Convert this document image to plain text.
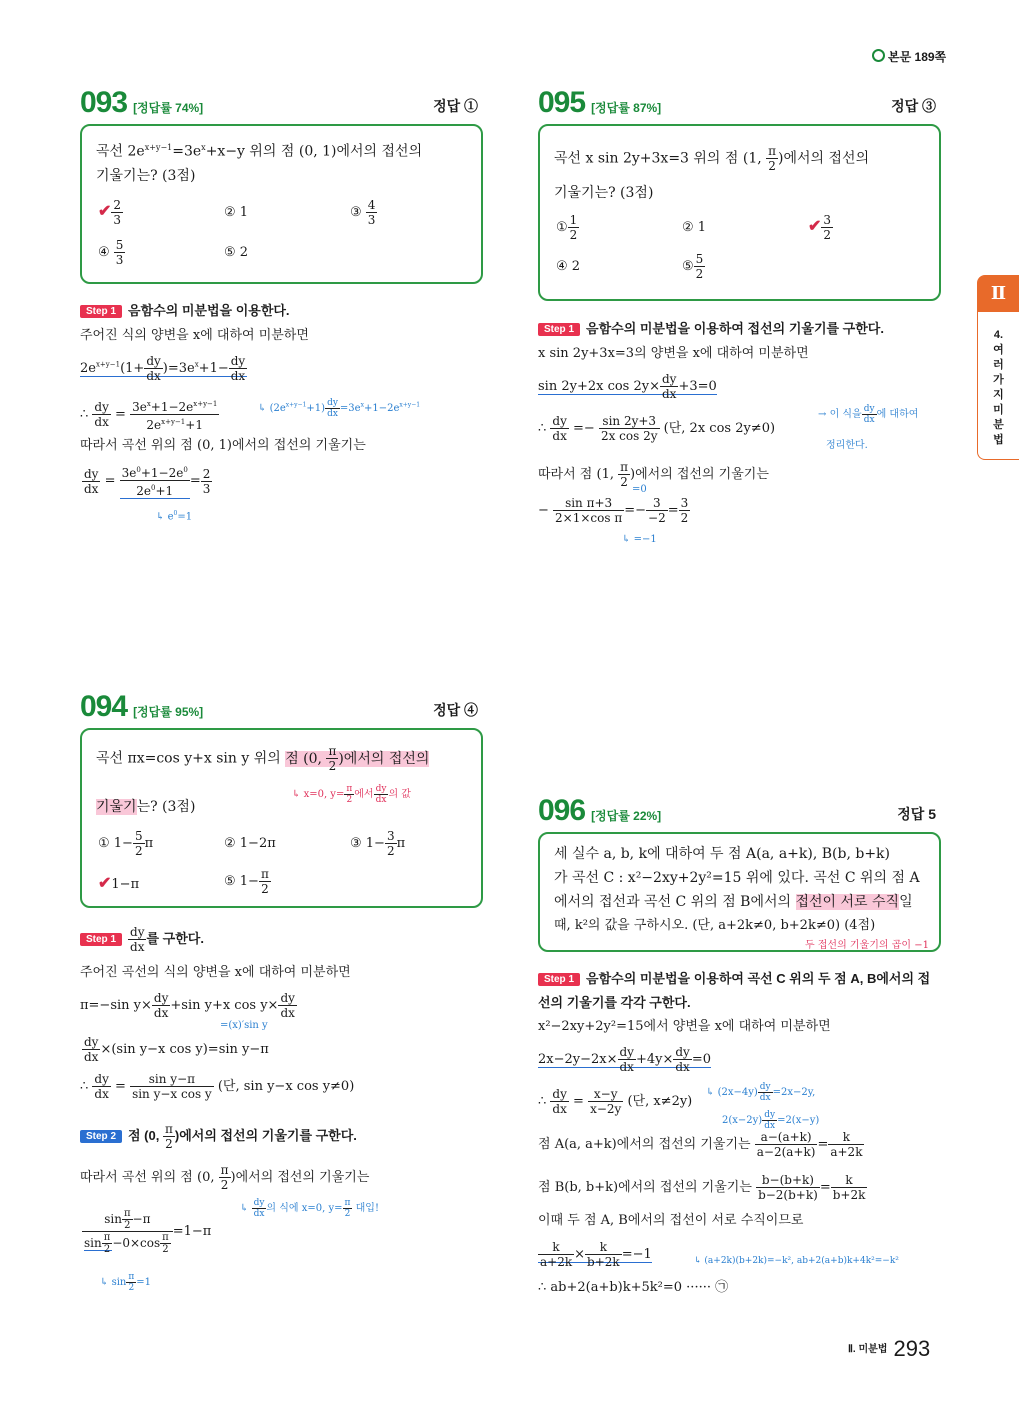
본문 189쪽
Ⅱ
4.
여
러
가
지
미
분
법
093 [정답률 74%]	정답 ①
곡선 $2e^{x+y-1}=3e^x+x-y$ 위의 점 (0, 1)에서의 접선의
기울기는? (3점)
✔ $\frac{2}{3}$	② 1	③ $\frac{4}{3}$
④ $\frac{5}{3}$	⑤ 2
Step 1 음함수의 미분법을 이용한다.
주어진 식의 양변을 x에 대하여 미분하면
$2e^{x+y-1}(1+ \frac{dy}{dx} )=3e^x+1- \frac{dy}{dx}$
↳ $(2e^{x+y-1}+1) \frac{dy}{dx} =3e^x+1-2e^{x+y-1}$
∴ $\frac{dy}{dx} = \frac{3e^x+1-2e^{x+y-1}}{2e^{x+y-1}+1}$
따라서 곡선 위의 점 (0, 1)에서의 접선의 기울기는
$\frac{dy}{dx} = \frac{3e^0+1-2e^0}{2e^0+1} = \frac{2}{3}$
↳ $e^0=1$
094 [정답률 95%]	정답 ④
곡선 πx=cos y+x sin y 위의 점 (0, $\frac{\pi}{2}$ )에서의 접선의
↳ x=0, $y= \frac{\pi}{2}$ 에서 $\frac{dy}{dx}$ 의 값
기울기는? (3점)
① $1- \frac{5}{2}$ π	② 1−2π	③ $1- \frac{3}{2}$ π
✔1−π	⑤ $1- \frac{\pi}{2}$
Step $1 \frac{dy}{dx}$ 를 구한다.
주어진 곡선의 식의 양변을 x에 대하여 미분하면
π=−sin $y\times \frac{dy}{dx} +\sin$ y+x $\cos y\times \frac{dy}{dx}$
=(x)′sin y
$\frac{dy}{dx} \times(\sin$ y−x cos y)=sin y−π
∴ $\frac{dy}{dx} = \frac{\text{sin y−π}}{\text{sin y−x cos y}}$ (단, sin y−x cos y≠0)
Step 2 점 (0, $\frac{\pi}{2}$ )에서의 접선의 기울기를 구한다.
따라서 곡선 위의 점 (0, $\frac{\pi}{2}$ )에서의 접선의 기울기는
↳ $\frac{dy}{dx}$ 의 식에 x=0, $y= \frac{\pi}{2}$ 대입!
$\frac{\sin \frac{\pi}{2} -\pi}{\sin \frac{\pi}{2} -0\times\cos \frac{\pi}{2}} =1-\pi$
↳ $\sin \frac{\pi}{2} =1$
095 [정답률 87%]	정답 ③
곡선 x sin 2y+3x=3 위의 점 (1, $\frac{\pi}{2}$ )에서의 접선의
기울기는? (3점)
① $\frac{1}{2}$	② 1	✔ $\frac{3}{2}$
④ 2	⑤ $\frac{5}{2}$
Step 1 음함수의 미분법을 이용하여 접선의 기울기를 구한다.
x sin 2y+3x=3의 양변을 x에 대하여 미분하면
sin 2y+2x $\cos 2y\times \frac{dy}{dx} +3=0$
∴ $\frac{dy}{dx} =- \frac{\sin 2y+3}{\text{2x cos 2y}}$ (단, 2x cos 2y≠0)
→ 이 식을 $\frac{dy}{dx}$ 에 대하여
정리한다.
따라서 점 (1, $\frac{\pi}{2}$ )에서의 접선의 기울기는
=0
− $\frac{\text{sin π+3}}{\text{2×1×cos π}} =- \frac{3}{-2} = \frac{3}{2}$
↳ =−1
096 [정답률 22%]	정답 5
세 실수 a, b, k에 대하여 두 점 A(a, a+k), B(b, b+k)
가 곡선 C : x²−2xy+2y²=15 위에 있다. 곡선 C 위의 점 A
에서의 접선과 곡선 C 위의 점 B에서의 접선이 서로 수직일
때, k²의 값을 구하시오. (단, a+2k≠0, b+2k≠0) (4점)
두 접선의 기울기의 곱이 −1
Step 1 음함수의 미분법을 이용하여 곡선 C 위의 두 점 A, B에서의 접
선의 기울기를 각각 구한다.
x²−2xy+2y²=15에서 양변을 x에 대하여 미분하면
$2x-2y-2x\times \frac{dy}{dx} +4y\times \frac{dy}{dx} =0$
↳ $(2x-4y) \frac{dy}{dx} =2x-2y$,
∴ $\frac{dy}{dx} = \frac{x-y}{x-2y}$ (단, x≠2y)
$2(x-2y) \frac{dy}{dx} =2(x-y)$
점 A(a, a+k)에서의 접선의 기울기는 $\frac{a-(a+k)}{a-2(a+k)} = \frac{k}{a+2k}$
점 B(b, b+k)에서의 접선의 기울기는 $\frac{b-(b+k)}{b-2(b+k)} = \frac{k}{b+2k}$
이때 두 점 A, B에서의 접선이 서로 수직이므로
$\frac{k}{a+2k} \times \frac{k}{b+2k} =-1$	↳ (a+2k)(b+2k)=−k², ab+2(a+b)k+4k²=−k²
∴ ab+2(a+b)k+5k²=0 ······ ㉠
$^{Ⅱ. 미분법}$ 293
